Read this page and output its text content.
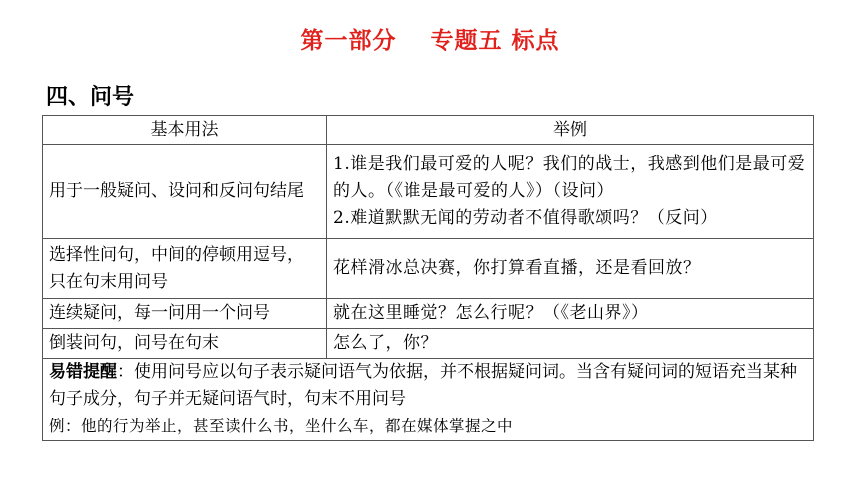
第一部分 专题五 标点
四、问号
基本用法	举例
用于一般疑问、设问和反问句结尾	1.谁是我们最可爱的人呢？我们的战士，我感到他们是最可爱的人。（《谁是最可爱的人》）（设问）
2.难道默默无闻的劳动者不值得歌颂吗？（反问）

选择性问句，中间的停顿用逗号，只在句末用问号	花样滑冰总决赛，你打算看直播，还是看回放？
连续疑问，每一问用一个问号	就在这里睡觉？怎么行呢？（《老山界》）
倒装问句，问号在句末	怎么了，你？

易错提醒：使用问号应以句子表示疑问语气为依据，并不根据疑问词。当含有疑问词的短语充当某种句子成分，句子并无疑问语气时，句末不用问号
例：他的行为举止，甚至读什么书，坐什么车，都在媒体掌握之中	
